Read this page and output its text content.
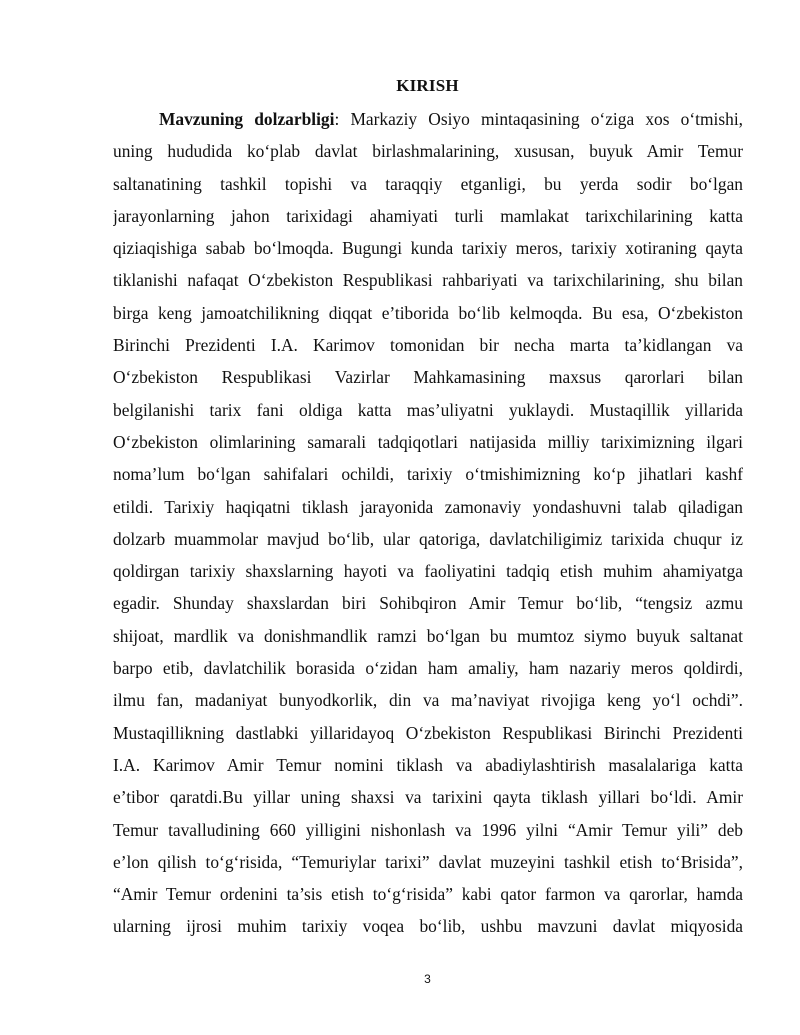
KIRISH
Mavzuning dolzarbligi: Markaziy Osiyo mintaqasining o‘ziga xos o‘tmishi,
uning hududida ko‘plab davlat birlashmalarining, xususan, buyuk Amir Temur
saltanatining tashkil topishi va taraqqiy etganligi, bu yerda sodir bo‘lgan
jarayonlarning jahon tarixidagi ahamiyati turli mamlakat tarixchilarining katta
qiziaqishiga sabab bo‘lmoqda. Bugungi kunda tarixiy meros, tarixiy xotiraning qayta
tiklanishi nafaqat O‘zbekiston Respublikasi rahbariyati va tarixchilarining, shu bilan
birga keng jamoatchilikning diqqat e’tiborida bo‘lib kelmoqda. Bu esa, O‘zbekiston
Birinchi Prezidenti I.A. Karimov tomonidan bir necha marta ta’kidlangan va
O‘zbekiston Respublikasi Vazirlar Mahkamasining maxsus qarorlari bilan
belgilanishi tarix fani oldiga katta mas’uliyatni yuklaydi. Mustaqillik yillarida
O‘zbekiston olimlarining samarali tadqiqotlari natijasida milliy tariximizning ilgari
noma’lum bo‘lgan sahifalari ochildi, tarixiy o‘tmishimizning ko‘p jihatlari kashf
etildi. Tarixiy haqiqatni tiklash jarayonida zamonaviy yondashuvni talab qiladigan
dolzarb muammolar mavjud bo‘lib, ular qatoriga, davlatchiligimiz tarixida chuqur iz
qoldirgan tarixiy shaxslarning hayoti va faoliyatini tadqiq etish muhim ahamiyatga
egadir. Shunday shaxslardan biri Sohibqiron Amir Temur bo‘lib, “tengsiz azmu
shijoat, mardlik va donishmandlik ramzi bo‘lgan bu mumtoz siymo buyuk saltanat
barpo etib, davlatchilik borasida o‘zidan ham amaliy, ham nazariy meros qoldirdi,
ilmu fan, madaniyat bunyodkorlik, din va ma’naviyat rivojiga keng yo‘l ochdi”.
Mustaqillikning dastlabki yillaridayoq O‘zbekiston Respublikasi Birinchi Prezidenti
I.A. Karimov Amir Temur nomini tiklash va abadiylashtirish masalalariga katta
e’tibor qaratdi.Bu yillar uning shaxsi va tarixini qayta tiklash yillari bo‘ldi. Amir
Temur tavalludining 660 yilligini nishonlash va 1996 yilni “Amir Temur yili” deb
e’lon qilish to‘g‘risida, “Temuriylar tarixi” davlat muzeyini tashkil etish to‘Brisida”,
“Amir Temur ordenini ta’sis etish to‘g‘risida” kabi qator farmon va qarorlar, hamda
ularning ijrosi muhim tarixiy voqea bo‘lib, ushbu mavzuni davlat miqyosida
3
